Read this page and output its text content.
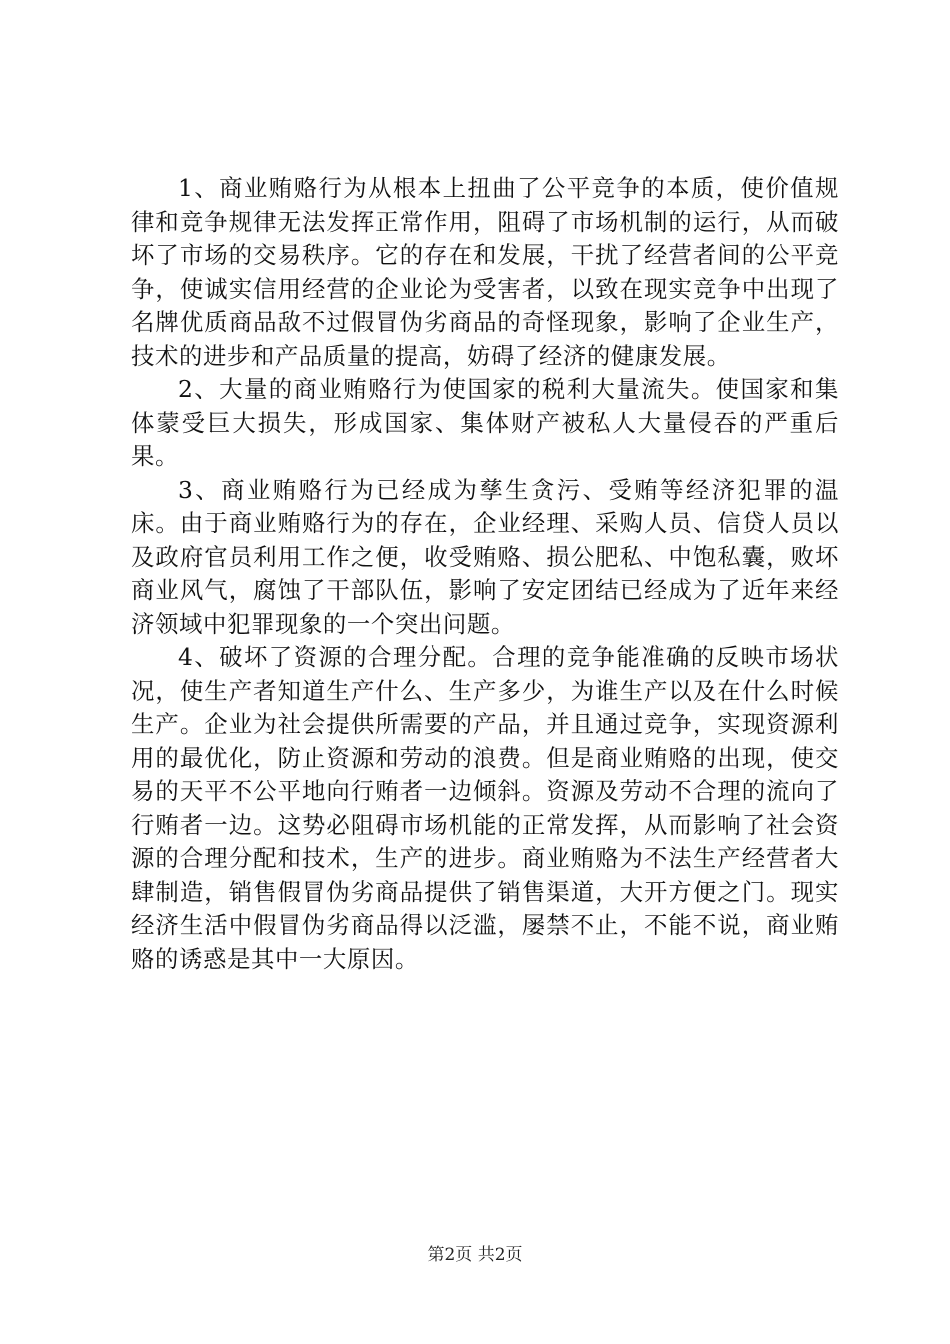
1、商业贿赂行为从根本上扭曲了公平竞争的本质，使价值规律和竞争规律无法发挥正常作用，阻碍了市场机制的运行，从而破坏了市场的交易秩序。它的存在和发展，干扰了经营者间的公平竞争，使诚实信用经营的企业论为受害者，以致在现实竞争中出现了名牌优质商品敌不过假冒伪劣商品的奇怪现象，影响了企业生产，技术的进步和产品质量的提高，妨碍了经济的健康发展。

2、大量的商业贿赂行为使国家的税利大量流失。使国家和集体蒙受巨大损失，形成国家、集体财产被私人大量侵吞的严重后果。

3、商业贿赂行为已经成为孳生贪污、受贿等经济犯罪的温床。由于商业贿赂行为的存在，企业经理、采购人员、信贷人员以及政府官员利用工作之便，收受贿赂、损公肥私、中饱私囊，败坏商业风气，腐蚀了干部队伍，影响了安定团结已经成为了近年来经济领域中犯罪现象的一个突出问题。

4、破坏了资源的合理分配。合理的竞争能准确的反映市场状况，使生产者知道生产什么、生产多少，为谁生产以及在什么时候生产。企业为社会提供所需要的产品，并且通过竞争，实现资源利用的最优化，防止资源和劳动的浪费。但是商业贿赂的出现，使交易的天平不公平地向行贿者一边倾斜。资源及劳动不合理的流向了行贿者一边。这势必阻碍市场机能的正常发挥，从而影响了社会资源的合理分配和技术，生产的进步。商业贿赂为不法生产经营者大肆制造，销售假冒伪劣商品提供了销售渠道，大开方便之门。现实经济生活中假冒伪劣商品得以泛滥，屡禁不止，不能不说，商业贿赂的诱惑是其中一大原因。

第2页 共2页
